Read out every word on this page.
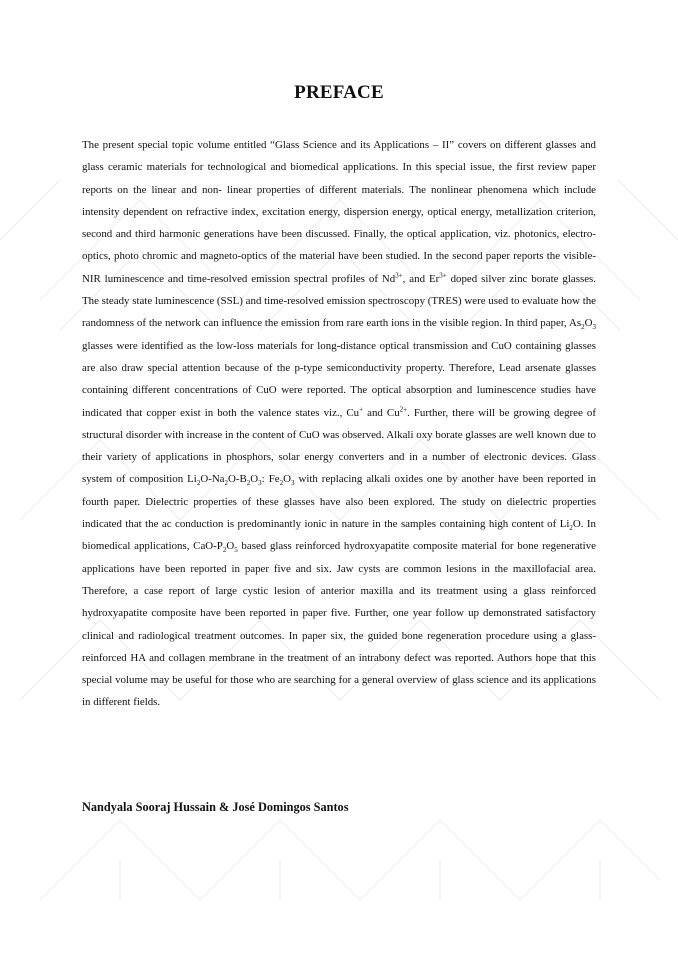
PREFACE

The present special topic volume entitled “Glass Science and its Applications – II” covers on different glasses and glass ceramic materials for technological and biomedical applications. In this special issue, the first review paper reports on the linear and non- linear properties of different materials. The nonlinear phenomena which include intensity dependent on refractive index, excitation energy, dispersion energy, optical energy, metallization criterion, second and third harmonic generations have been discussed. Finally, the optical application, viz. photonics, electro- optics, photo chromic and magneto-optics of the material have been studied. In the second paper reports the visible-NIR luminescence and time-resolved emission spectral profiles of $Nd^{3+}$, and $Er^{3+}$ doped silver zinc borate glasses. The steady state luminescence (SSL) and time-resolved emission spectroscopy (TRES) were used to evaluate how the randomness of the network can influence the emission from rare earth ions in the visible region. In third paper, $As_2O_3$ glasses were identified as the low-loss materials for long-distance optical transmission and CuO containing glasses are also draw special attention because of the p-type semiconductivity property. Therefore, Lead arsenate glasses containing different concentrations of CuO were reported. The optical absorption and luminescence studies have indicated that copper exist in both the valence states viz., Cu+ and $Cu^{2+}$. Further, there will be growing degree of structural disorder with increase in the content of CuO was observed. Alkali oxy borate glasses are well known due to their variety of applications in phosphors, solar energy converters and in a number of electronic devices. Glass system of composition $Li_2O-Na_2O-B_2O_3$: $Fe_2O_3$ with replacing alkali oxides one by another have been reported in fourth paper. Dielectric properties of these glasses have also been explored. The study on dielectric properties indicated that the ac conduction is predominantly ionic in nature in the samples containing high content of $Li_2O$. In biomedical applications, CaO-$P_2O_5$ based glass reinforced hydroxyapatite composite material for bone regenerative applications have been reported in paper five and six. Jaw cysts are common lesions in the maxillofacial area. Therefore, a case report of large cystic lesion of anterior maxilla and its treatment using a glass reinforced hydroxyapatite composite have been reported in paper five. Further, one year follow up demonstrated satisfactory clinical and radiological treatment outcomes. In paper six, the guided bone regeneration procedure using a glass-reinforced HA and collagen membrane in the treatment of an intrabony defect was reported. Authors hope that this special volume may be useful for those who are searching for a general overview of glass science and its applications in different fields.

Nandyala Sooraj Hussain & José Domingos Santos
